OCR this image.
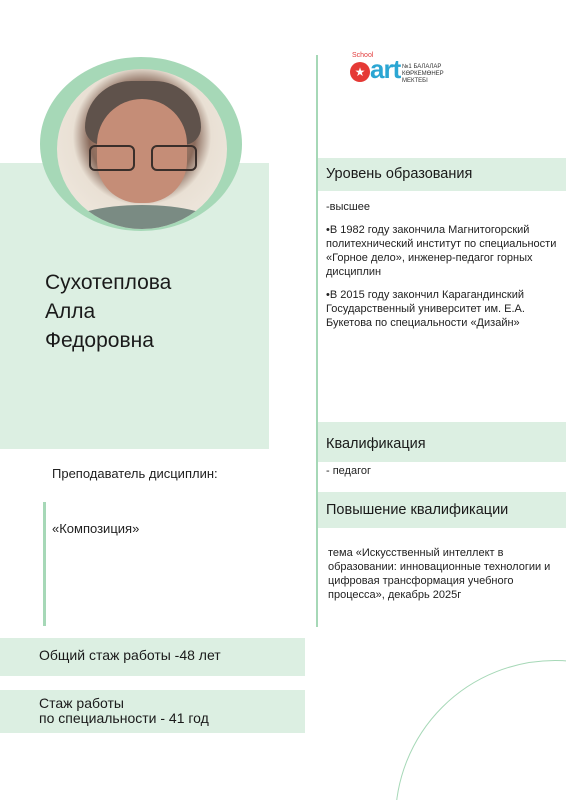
Сухотеплова
Алла
Федоровна
Преподаватель дисциплин:
«Композиция»
Общий стаж работы -48 лет
Стаж работы
по специальности - 41 год
School
★ art №1 БАЛАЛАР
КӨРКЕМӨНЕР
МЕКТЕБІ
Уровень образования

-высшее

•В 1982 году закончила Магнитогорский политехнический институт по специальности «Горное дело», инженер-педагог горных дисциплин

•В 2015 году закончил Карагандинский Государственный университет им. Е.А. Букетова по специальности «Дизайн»

Квалификация
- педагог
Повышение квалификации
тема «Искусственный интеллект в образовании: инновационные технологии и цифровая трансформация учебного процесса», декабрь 2025г
